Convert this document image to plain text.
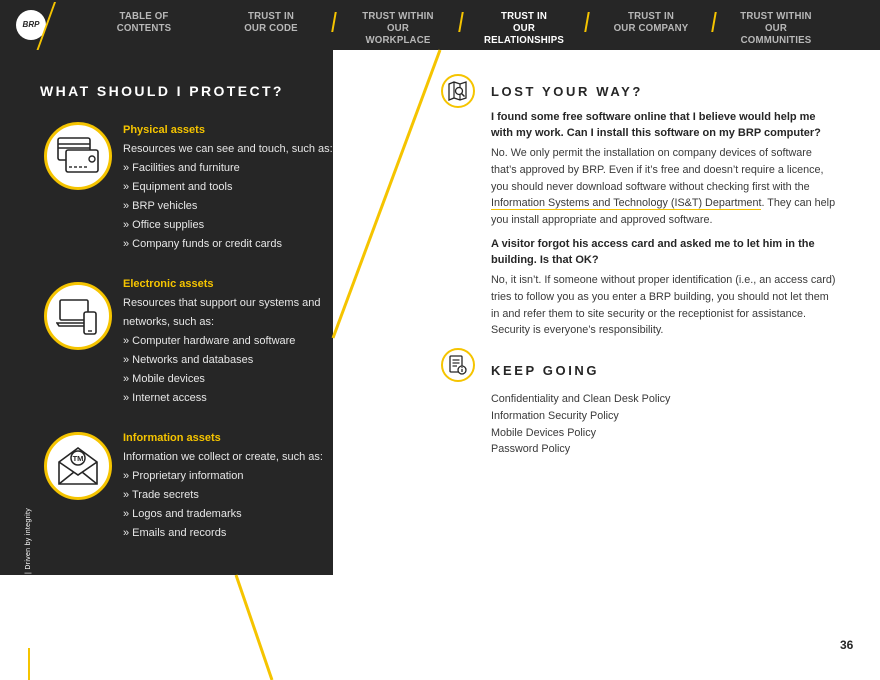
BRP
TABLE OF
CONTENTS
TRUST IN
OUR CODE
TRUST WITHIN
OUR WORKPLACE
TRUST IN
OUR RELATIONSHIPS
TRUST IN
OUR COMPANY
TRUST WITHIN
OUR COMMUNITIES
WHAT SHOULD I PROTECT?
Physical assets

Resources we can see and touch, such as:

» Facilities and furniture

» Equipment and tools

» BRP vehicles

» Office supplies

» Company funds or credit cards

Electronic assets

Resources that support our systems and networks, such as:

» Computer hardware and software

» Networks and databases

» Mobile devices

» Internet access

TM
Information assets

Information we collect or create, such as:

» Proprietary information

» Trade secrets

» Logos and trademarks

» Emails and records

CODE OF ETHICS | Driven by integrity
LOST YOUR WAY?
I found some free software online that I believe would help me with my work. Can I install this software on my BRP computer?
No. We only permit the installation on company devices of software that’s approved by BRP. Even if it’s free and doesn’t require a licence, you should never download software without checking first with the Information Systems and Technology (IS&T) Department. They can help you install appropriate and approved software.
A visitor forgot his access card and asked me to let him in the building. Is that OK?
No, it isn’t. If someone without proper identification (i.e., an access card) tries to follow you as you enter a BRP building, you should not let them in and refer them to site security or the receptionist for assistance. Security is everyone’s responsibility.
KEEP GOING
Confidentiality and Clean Desk Policy
Information Security Policy
Mobile Devices Policy
Password Policy
36
